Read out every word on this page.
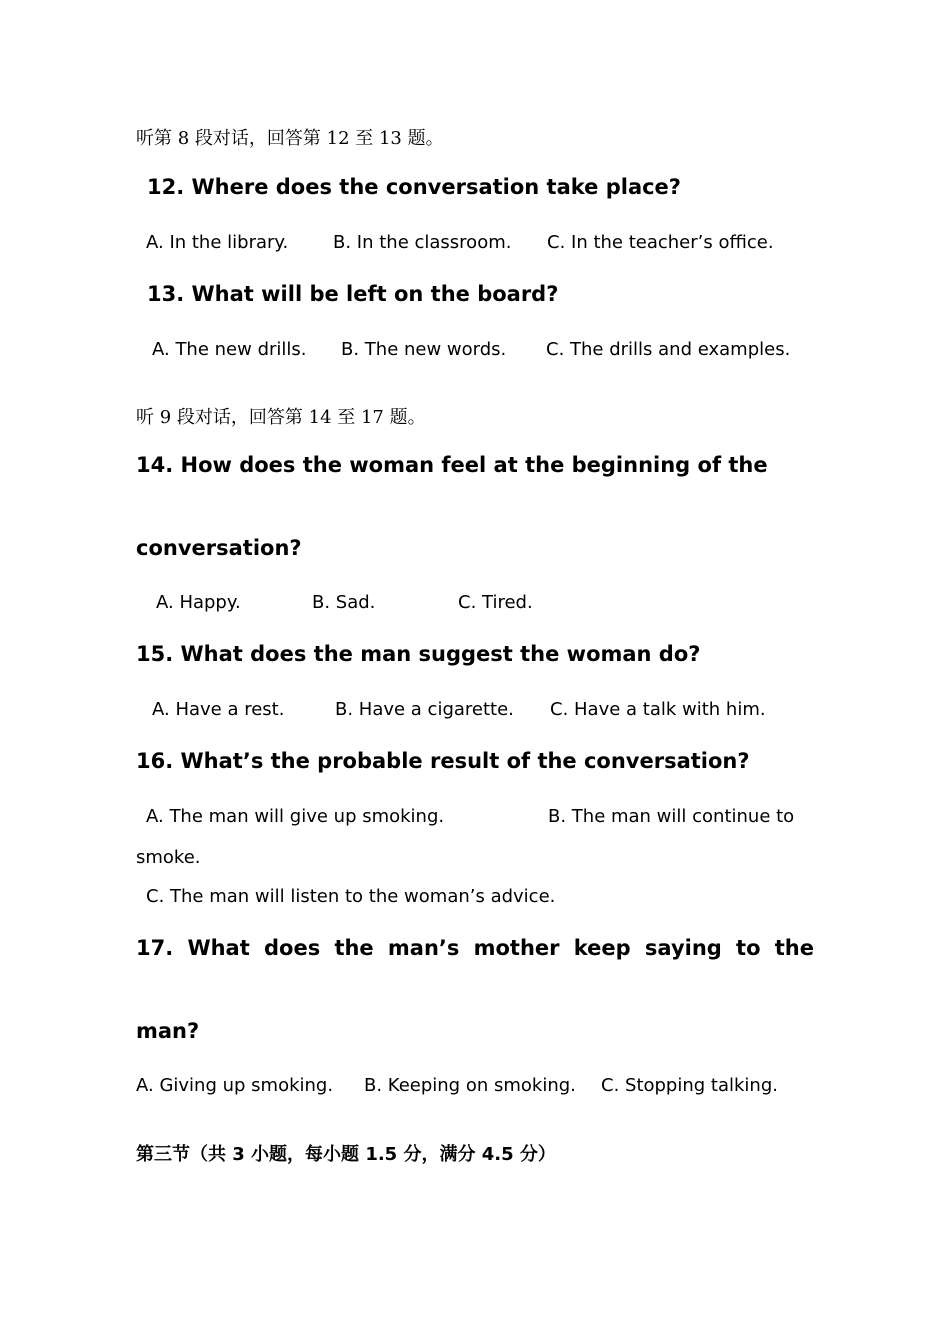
听第 8 段对话，回答第 12 至 13 题。

12. Where does the conversation take place?

A. In the library. B. In the classroom. C. In the teacher’s office.

13. What will be left on the board?

A. The new drills. B. The new words. C. The drills and examples.

听 9 段对话，回答第 14 至 17 题。

14. How does the woman feel at the beginning of the

conversation?

A. Happy.	B. Sad.	C. Tired.

15. What does the man suggest the woman do?

A. Have a rest.	B. Have a cigarette. C. Have a talk with him.

16. What’s the probable result of the conversation?

A. The man will give up smoking.	B. The man will continue to

smoke.

C. The man will listen to the woman’s advice.

17. What does the man’s mother keep saying to the

man?

A. Giving up smoking. B. Keeping on smoking. C. Stopping talking.

第三节（共 3 小题，每小题 1.5 分，满分 4.5 分）
